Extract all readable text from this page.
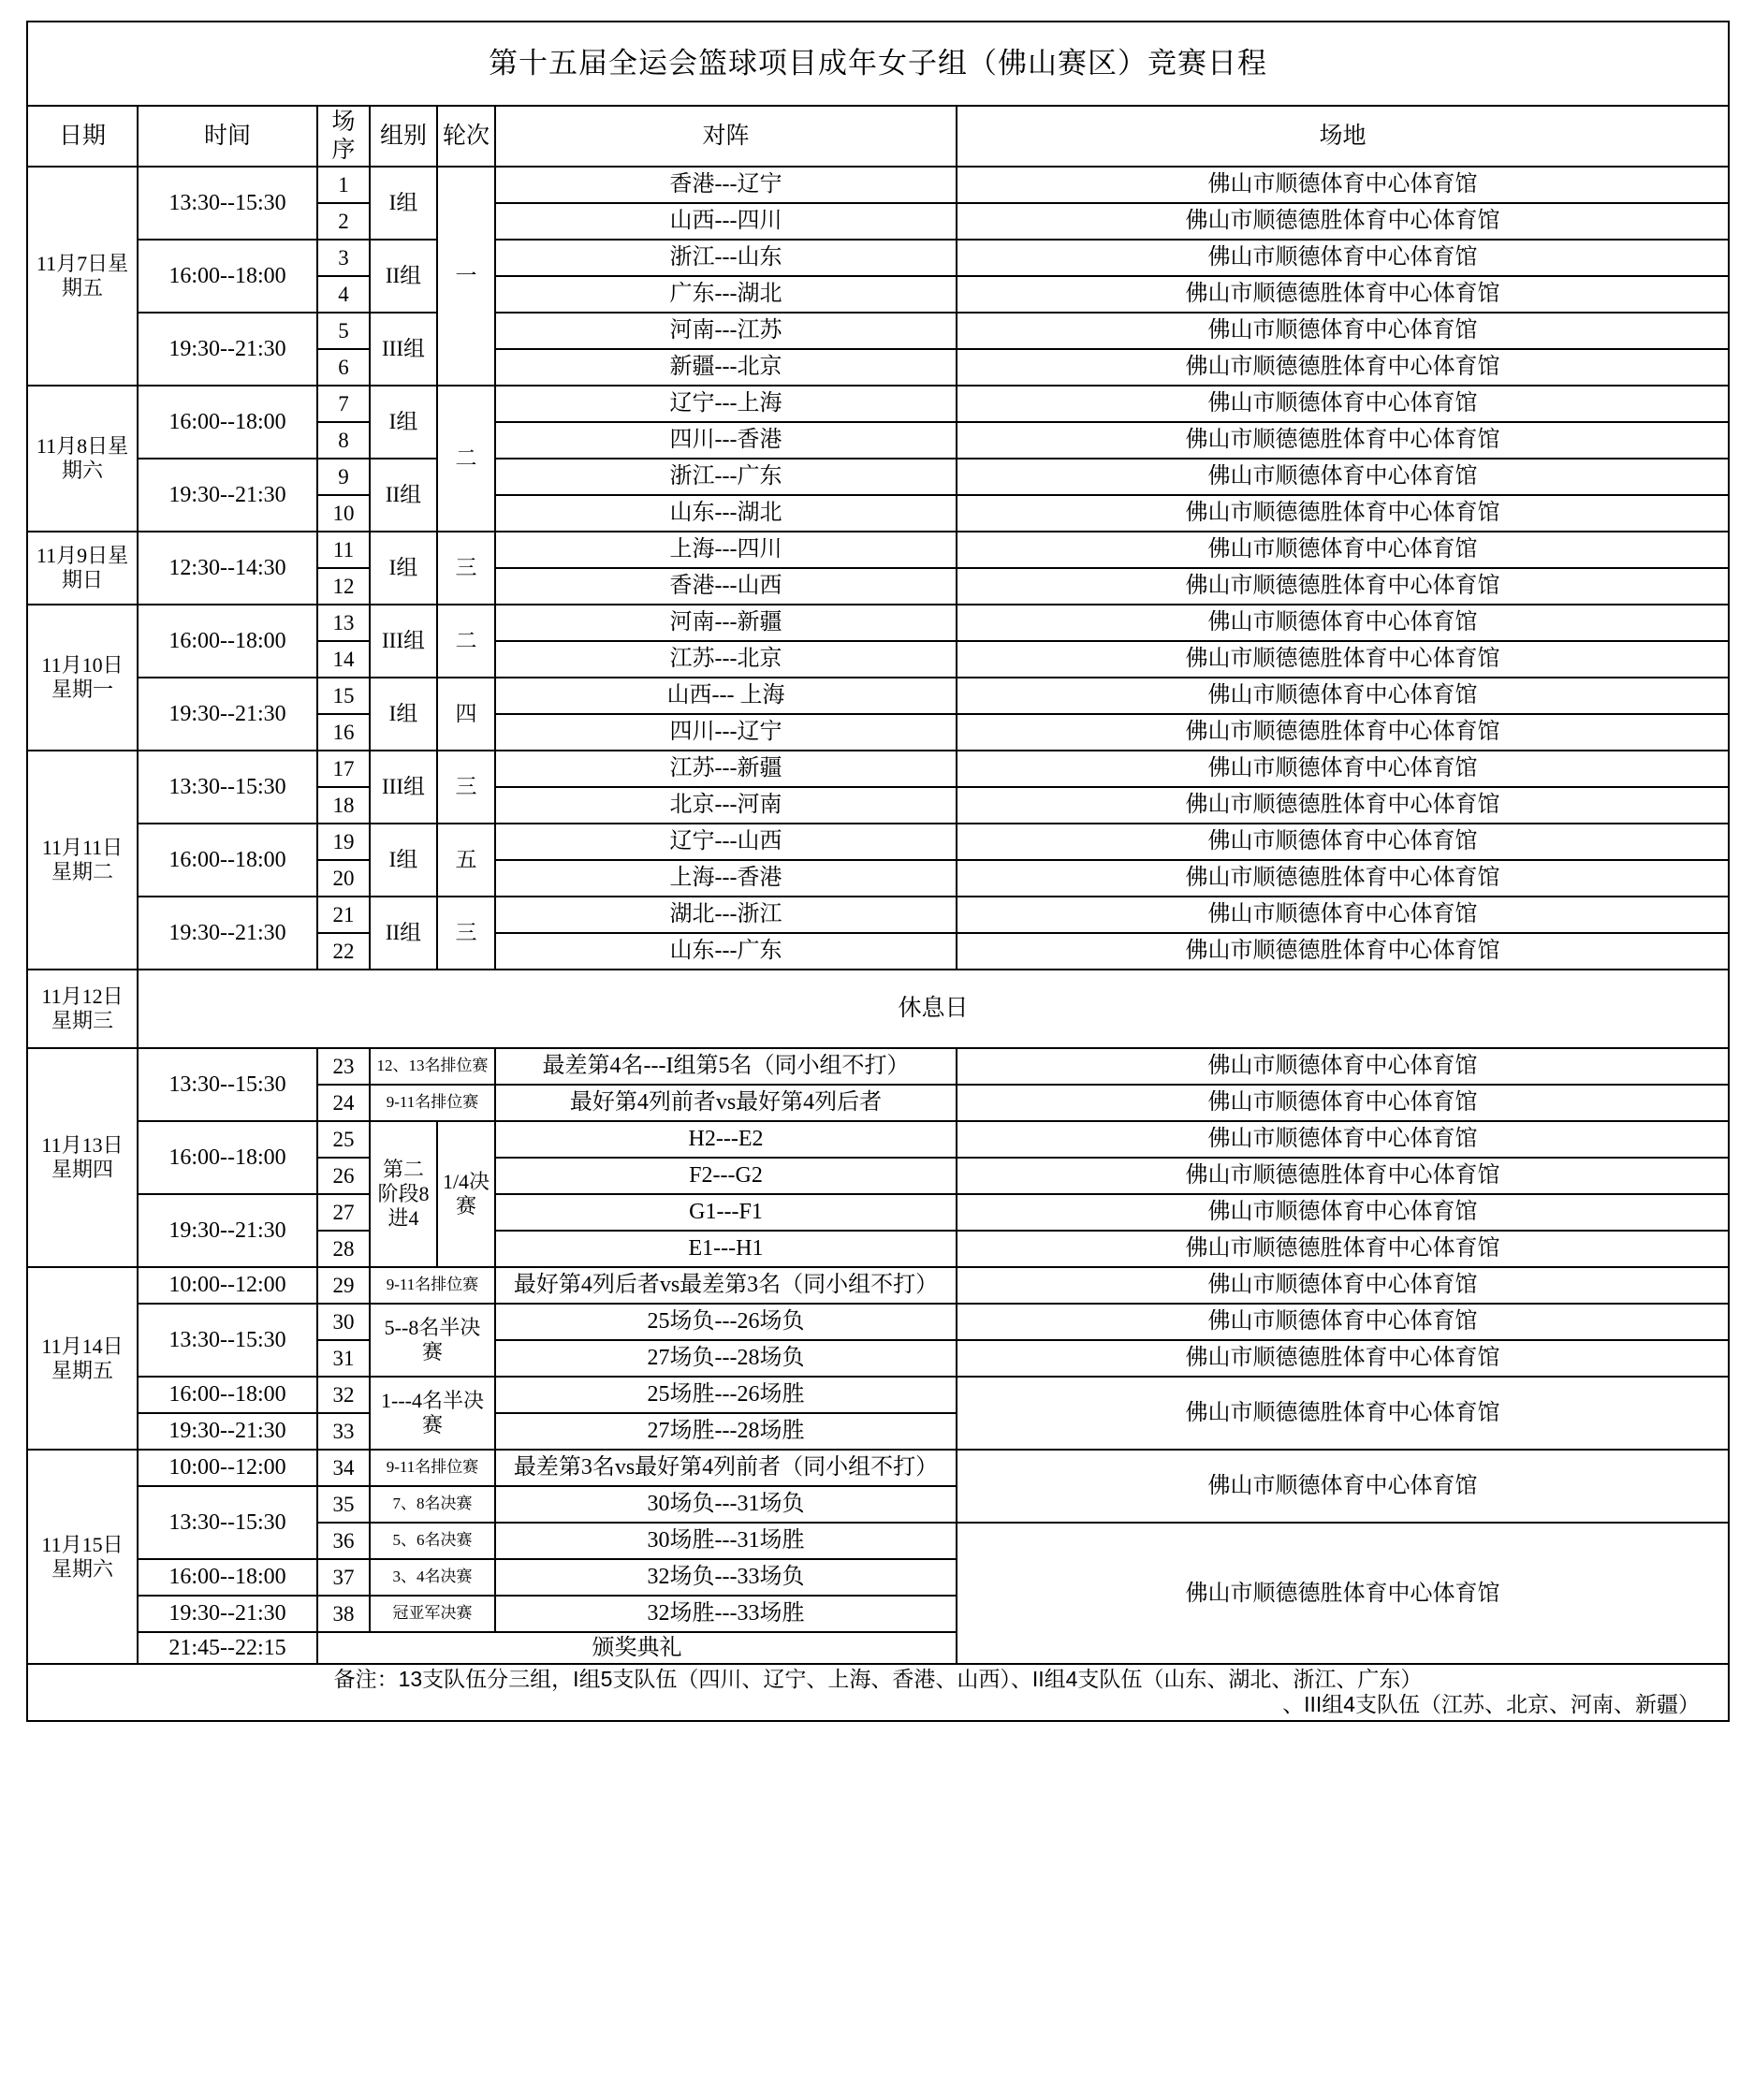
第十五届全运会篮球项目成年女子组（佛山赛区）竞赛日程						
日期	时间	场序	组别	轮次	对阵	场地
11月7日星期五	13:30--15:30	1	I组	一	香港---辽宁	佛山市顺德体育中心体育馆
		2			山西---四川	佛山市顺德德胜体育中心体育馆
	16:00--18:00	3	II组		浙江---山东	佛山市顺德体育中心体育馆
		4			广东---湖北	佛山市顺德德胜体育中心体育馆
	19:30--21:30	5	III组		河南---江苏	佛山市顺德体育中心体育馆
		6			新疆---北京	佛山市顺德德胜体育中心体育馆
11月8日星期六	16:00--18:00	7	I组	二	辽宁---上海	佛山市顺德体育中心体育馆
		8			四川---香港	佛山市顺德德胜体育中心体育馆
	19:30--21:30	9	II组		浙江---广东	佛山市顺德体育中心体育馆
		10			山东---湖北	佛山市顺德德胜体育中心体育馆
11月9日星期日	12:30--14:30	11	I组	三	上海---四川	佛山市顺德体育中心体育馆
		12			香港---山西	佛山市顺德德胜体育中心体育馆
11月10日星期一	16:00--18:00	13	III组	二	河南---新疆	佛山市顺德体育中心体育馆
		14			江苏---北京	佛山市顺德德胜体育中心体育馆
	19:30--21:30	15	I组	四	山西--- 上海	佛山市顺德体育中心体育馆
		16			四川---辽宁	佛山市顺德德胜体育中心体育馆
11月11日星期二	13:30--15:30	17	III组	三	江苏---新疆	佛山市顺德体育中心体育馆
		18			北京---河南	佛山市顺德德胜体育中心体育馆
	16:00--18:00	19	I组	五	辽宁---山西	佛山市顺德体育中心体育馆
		20			上海---香港	佛山市顺德德胜体育中心体育馆
	19:30--21:30	21	II组	三	湖北---浙江	佛山市顺德体育中心体育馆
		22			山东---广东	佛山市顺德德胜体育中心体育馆
11月12日星期三	休息日					
11月13日星期四	13:30--15:30	23	12、13名排位赛		最差第4名---I组第5名（同小组不打）	佛山市顺德体育中心体育馆
		24	9-11名排位赛		最好第4列前者vs最好第4列后者	佛山市顺德体育中心体育馆
	16:00--18:00	25	第二阶段8进4	1/4决赛	H2---E2	佛山市顺德体育中心体育馆
		26			F2---G2	佛山市顺德德胜体育中心体育馆
	19:30--21:30	27			G1---F1	佛山市顺德体育中心体育馆
		28			E1---H1	佛山市顺德德胜体育中心体育馆
11月14日星期五	10:00--12:00	29	9-11名排位赛		最好第4列后者vs最差第3名（同小组不打）	佛山市顺德体育中心体育馆
	13:30--15:30	30	5--8名半决赛		25场负---26场负	佛山市顺德体育中心体育馆
		31			27场负---28场负	佛山市顺德德胜体育中心体育馆
	16:00--18:00	32	1---4名半决赛		25场胜---26场胜	佛山市顺德德胜体育中心体育馆
	19:30--21:30	33			27场胜---28场胜	
11月15日星期六	10:00--12:00	34	9-11名排位赛		最差第3名vs最好第4列前者（同小组不打）	佛山市顺德体育中心体育馆
	13:30--15:30	35	7、8名决赛		30场负---31场负	
		36	5、6名决赛		30场胜---31场胜	佛山市顺德德胜体育中心体育馆
	16:00--18:00	37	3、4名决赛		32场负---33场负	
	19:30--21:30	38	冠亚军决赛		32场胜---33场胜	
	21:45--22:15	颁奖典礼				

备注：13支队伍分三组，I组5支队伍（四川、辽宁、上海、香港、山西）、II组4支队伍（山东、湖北、浙江、广东）
、III组4支队伍（江苏、北京、河南、新疆）						
